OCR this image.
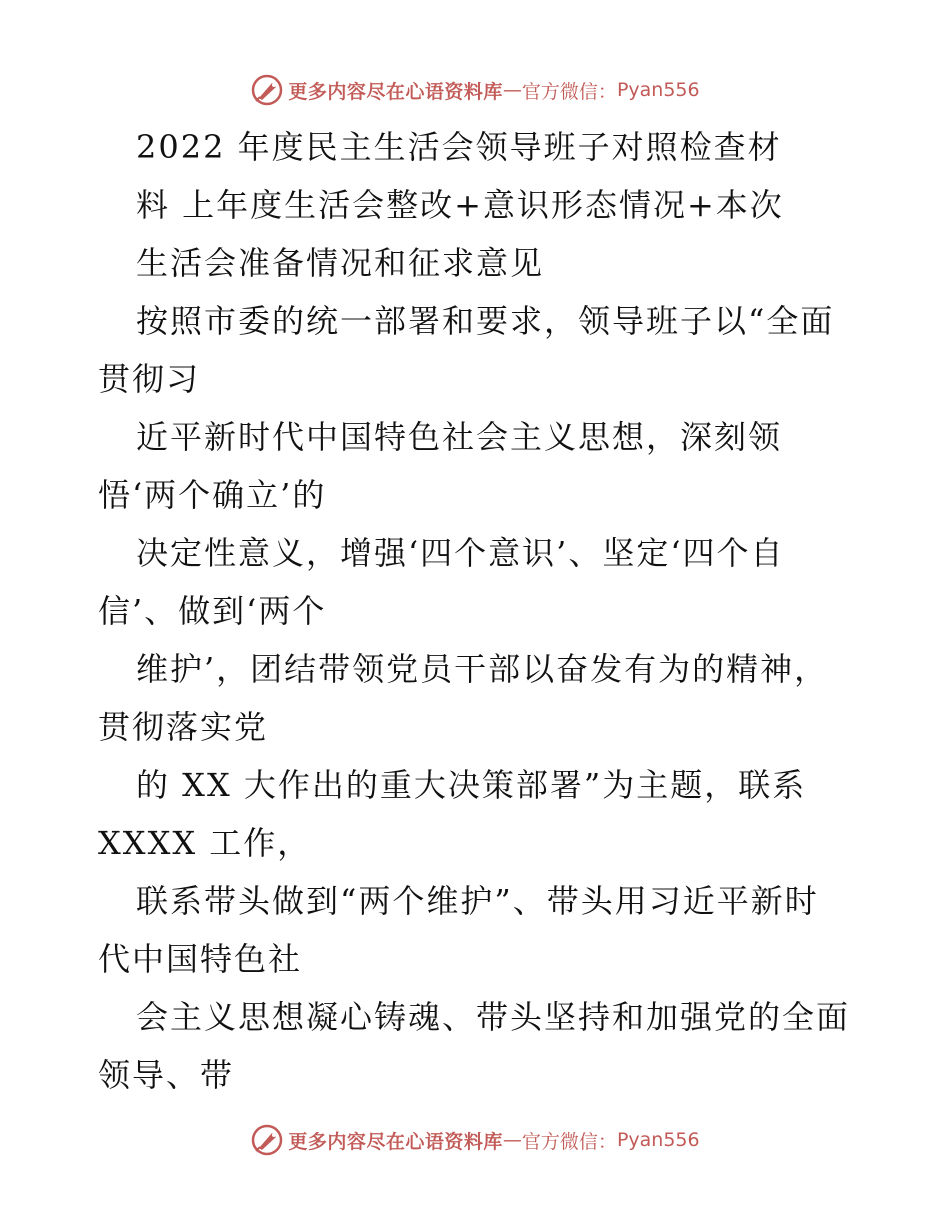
更多内容尽在心语资料库 — 官方微信： Pyan556
2022 年度民主生活会领导班子对照检查材
料 上年度生活会整改+意识形态情况+本次
生活会准备情况和征求意见
按照市委的统一部署和要求，领导班子以“全面
贯彻习
近平新时代中国特色社会主义思想，深刻领
悟‘两个确立’的
决定性意义，增强‘四个意识’、坚定‘四个自
信’、做到‘两个
维护’，团结带领党员干部以奋发有为的精神，
贯彻落实党
的 XX 大作出的重大决策部署”为主题，联系
XXXX 工作，
联系带头做到“两个维护”、带头用习近平新时
代中国特色社
会主义思想凝心铸魂、带头坚持和加强党的全面
领导、带
更多内容尽在心语资料库 — 官方微信： Pyan556
